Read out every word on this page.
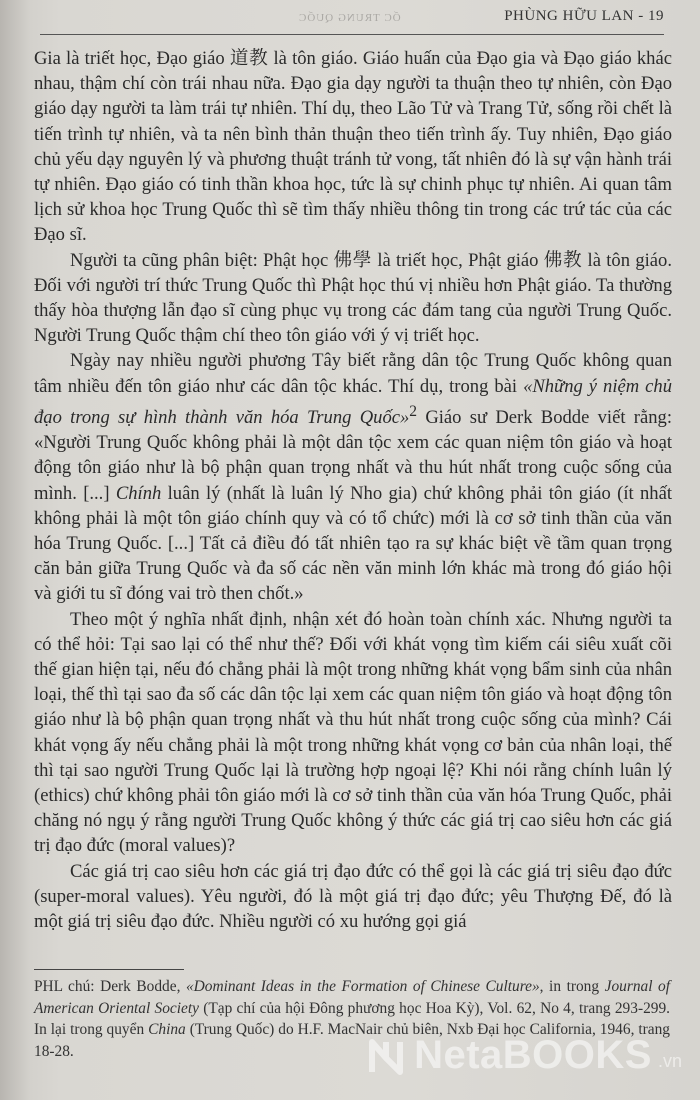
ỐC TRUNG QUỐC	PHÙNG HỮU LAN - 19

Gia là triết học, Đạo giáo 道教 là tôn giáo. Giáo huấn của Đạo gia và Đạo giáo khác nhau, thậm chí còn trái nhau nữa. Đạo gia dạy người ta thuận theo tự nhiên, còn Đạo giáo dạy người ta làm trái tự nhiên. Thí dụ, theo Lão Tử và Trang Tử, sống rồi chết là tiến trình tự nhiên, và ta nên bình thản thuận theo tiến trình ấy. Tuy nhiên, Đạo giáo chủ yếu dạy nguyên lý và phương thuật tránh tử vong, tất nhiên đó là sự vận hành trái tự nhiên. Đạo giáo có tinh thần khoa học, tức là sự chinh phục tự nhiên. Ai quan tâm lịch sử khoa học Trung Quốc thì sẽ tìm thấy nhiều thông tin trong các trứ tác của các Đạo sĩ.

Người ta cũng phân biệt: Phật học 佛學 là triết học, Phật giáo 佛教 là tôn giáo. Đối với người trí thức Trung Quốc thì Phật học thú vị nhiều hơn Phật giáo. Ta thường thấy hòa thượng lẫn đạo sĩ cùng phục vụ trong các đám tang của người Trung Quốc. Người Trung Quốc thậm chí theo tôn giáo với ý vị triết học.

Ngày nay nhiều người phương Tây biết rằng dân tộc Trung Quốc không quan tâm nhiều đến tôn giáo như các dân tộc khác. Thí dụ, trong bài «Những ý niệm chủ đạo trong sự hình thành văn hóa Trung Quốc»$^2$ Giáo sư Derk Bodde viết rằng: «Người Trung Quốc không phải là một dân tộc xem các quan niệm tôn giáo và hoạt động tôn giáo như là bộ phận quan trọng nhất và thu hút nhất trong cuộc sống của mình. [...] Chính luân lý (nhất là luân lý Nho gia) chứ không phải tôn giáo (ít nhất không phải là một tôn giáo chính quy và có tổ chức) mới là cơ sở tinh thần của văn hóa Trung Quốc. [...] Tất cả điều đó tất nhiên tạo ra sự khác biệt về tầm quan trọng căn bản giữa Trung Quốc và đa số các nền văn minh lớn khác mà trong đó giáo hội và giới tu sĩ đóng vai trò then chốt.»

Theo một ý nghĩa nhất định, nhận xét đó hoàn toàn chính xác. Nhưng người ta có thể hỏi: Tại sao lại có thể như thế? Đối với khát vọng tìm kiếm cái siêu xuất cõi thế gian hiện tại, nếu đó chẳng phải là một trong những khát vọng bẩm sinh của nhân loại, thế thì tại sao đa số các dân tộc lại xem các quan niệm tôn giáo và hoạt động tôn giáo như là bộ phận quan trọng nhất và thu hút nhất trong cuộc sống của mình? Cái khát vọng ấy nếu chẳng phải là một trong những khát vọng cơ bản của nhân loại, thế thì tại sao người Trung Quốc lại là trường hợp ngoại lệ? Khi nói rằng chính luân lý (ethics) chứ không phải tôn giáo mới là cơ sở tinh thần của văn hóa Trung Quốc, phải chăng nó ngụ ý rằng người Trung Quốc không ý thức các giá trị cao siêu hơn các giá trị đạo đức (moral values)?

Các giá trị cao siêu hơn các giá trị đạo đức có thể gọi là các giá trị siêu đạo đức (super-moral values). Yêu người, đó là một giá trị đạo đức; yêu Thượng Đế, đó là một giá trị siêu đạo đức. Nhiều người có xu hướng gọi giá

PHL chú: Derk Bodde, «Dominant Ideas in the Formation of Chinese Culture», in trong Journal of American Oriental Society (Tạp chí của hội Đông phương học Hoa Kỳ), Vol. 62, No 4, trang 293-299. In lại trong quyển China (Trung Quốc) do H.F. MacNair chủ biên, Nxb Đại học California, 1946, trang 18-28.	NetaBOOKS .vn
